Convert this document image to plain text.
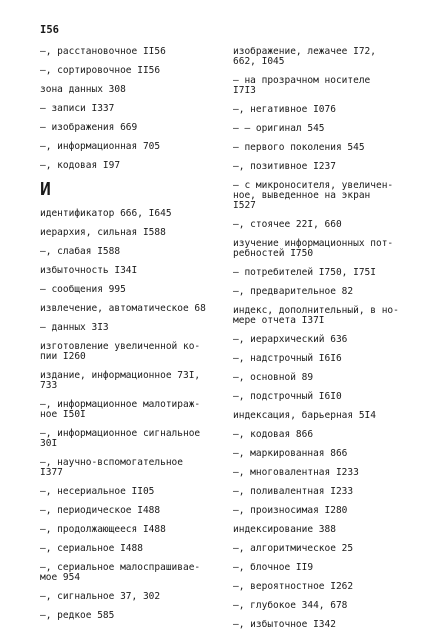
I56
–, расстановочное II56
–, сортировочное II56
зона данных 308
– записи I337
– изображения 669
–, информационная 705
–, кодовая I97
И
идентификатор 666, I645
иерархия, сильная I588
–, слабая I588
избыточность I34I
– сообщения 995
извлечение, автоматическое 68
– данных 3I3
изготовление увеличенной ко-
пии I260
издание, информационное 73I,
733
–, информационное малотираж-
ное I50I
–, информационное сигнальное
30I
–, научно-вспомогательное
I377
–, несериальное II05
–, периодическое I488
–, продолжающееся I488
–, сериальное I488
–, сериальное малоспрашивае-
мое 954
–, сигнальное 37, 302
–, редкое 585
изображение, лежачее I72,
662, I045
– на прозрачном носителе
I7I3
–, негативное I076
– – оригинал 545
– первого поколения 545
–, позитивное I237
– с микроносителя, увеличен-
ное, выведенное на экран
I527
–, стоячее 22I, 660
изучение информационных пот-
ребностей I750
– потребителей I750, I75I
–, предварительное 82
индекс, дополнительный, в но-
мере отчета I37I
–, иерархический 636
–, надстрочный I6I6
–, основной 89
–, подстрочный I6I0
индексация, барьерная 5I4
–, кодовая 866
–, маркированная 866
–, многовалентная I233
–, поливалентная I233
–, произносимая I280
индексирование 388
–, алгоритмическое 25
–, блочное II9
–, вероятностное I262
–, глубокое 344, 678
–, избыточное I342
